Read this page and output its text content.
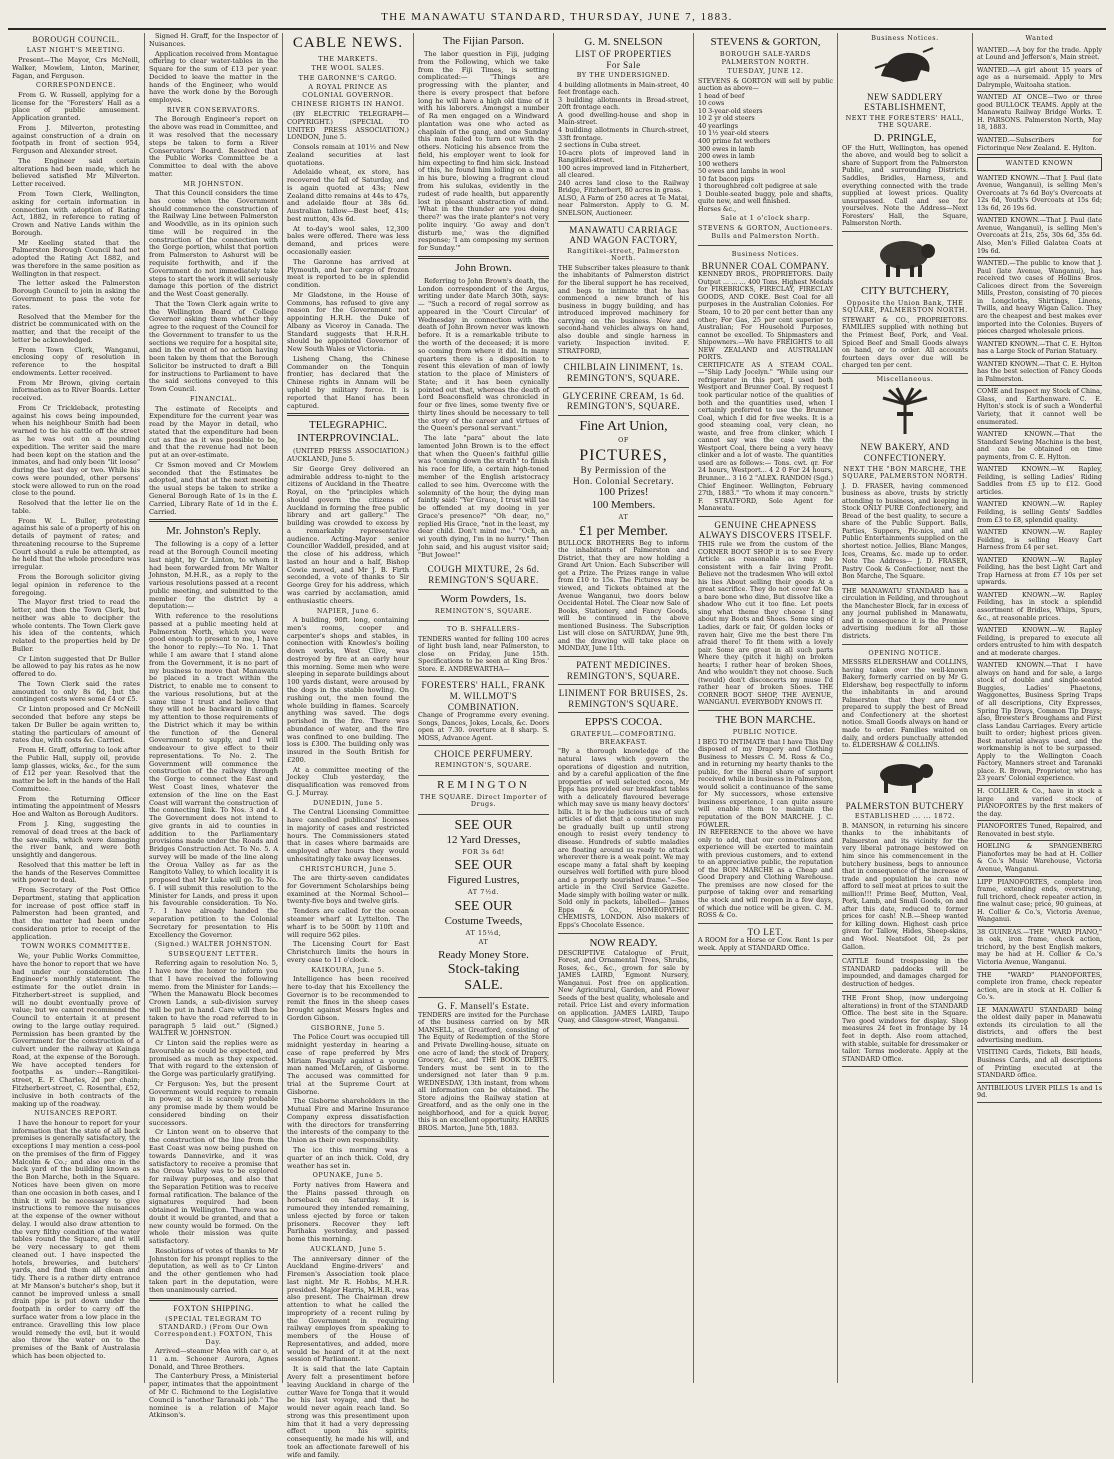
THE MANAWATU STANDARD, THURSDAY, JUNE 7, 1883.
BOROUGH COUNCIL.
LAST NIGHT'S MEETING.

Present—The Mayor, Crs McNeill, Walker, Mowlem, Linton, Mariner, Fagan, and Ferguson.

CORRESPONDENCE.

From G. W. Russell, applying for a license for the "Foresters' Hall as a place of public amusement. Application granted.

From J. Milverton, protesting against construction of a drain on footpath in front of section 954, Ferguson and Alexander street.

The Engineer said certain alterations had been made, which he believed satisfied Mr Milverton. Letter received.

From Town Clerk, Wellington, asking for certain information in connection with adoption of Rating Act, 1882, in reference to rating of Crown and Native Lands within the Borough.

Mr Keeling stated that the Palmerston Borough Council had not adopted the Rating Act 1882, and was therefore in the same position as Wellington in that respect.

The letter asked the Palmerston Borough Council to join in asking the Government to pass the vote for rates.

Resolved that the Member for the district be communicated with on the matter, and that the receipt of the letter be acknowledged.

From Town Clerk, Wanganui, enclosing copy of resolution in reference to the hospital endowments. Letter received.

From Mr Brown, giving certain information as to River Boards. Letter received.

From Cr Trickleback, protesting against his cows being impounded, when his neighbour Smith had been warned to tie his cattle off the street as he was out on a pounding expedition. The writer said the mare had been kept on the station and the inmates, and had only been "lit loose" during the last day or two. While his cows were pounded, other persons' stock were allowed to run on the road close to the pound.

Resolved that the letter lie on the table.

From W. L. Buller, protesting against his sale of a property of his on details of payment of rates; and threatening recourse to the Supreme Court should a rule be attempted, as he held that the whole procedure was irregular.

From the Borough solicitor giving legal opinion in reference to the foregoing.

The Mayor first tried to read the letter, and then the Town Clerk, but neither was able to decipher the whole contents. The Town Clerk gave his idea of the contents, which related to the properties held by Dr Buller.

Cr Linton suggested that Dr Buller be allowed to pay his rates as he now offered to do.

The Town Clerk said the rates amounted to only 8s 6d, but the contingent costs were some £4 or £5.

Cr Linton proposed and Cr McNeill seconded that before any steps be taken Dr Buller be again written to, stating the particulars of amount of rates due, with costs &c. Carried.

From H. Graff, offering to look after the Public Hall, supply oil, provide lamp glasses, wicks, &c., for the sum of £12 per year. Resolved that the matter be left in the hands of the Hall Committee.

From the Returning Officer intimating the appointment of Messrs Hoe and Walton as Borough Auditors.

From J. King, suggesting the removal of dead trees at the back of the saw-mills, which were damaging the river bank, and were both unsightly and dangerous.

Resolved that this matter be left in the hands of the Reserves Committee with power to deal.

From Secretary of the Post Office Department, stating that application for increase of post office staff in Palmerston had been granted, and that the matter had been under consideration prior to receipt of the application.

TOWN WORKS COMMITTEE.

We, your Public Works Committee, have the honor to report that we have had under our consideration the Engineer's monthly statement. The estimate for the outlet drain in Fitzherbert-street is supplied, and will no doubt eventually prove of value; but we cannot recommend the Council to entertain it at present owing to the large outlay required. Permission has been granted by the Government for the construction of a culvert under the railway at Kainga Road, at the expense of the Borough. We have accepted tenders for footpaths as under:—Rangitikei-street, E. F. Charles, 2d per chain; Fitzherbert-street, C. Rosenthal, £52, inclusive in both contracts of the making up of the roadway.

NUISANCES REPORT.

I have the honour to report for your information that the state of all back premises is generally satisfactory, the exceptions I may mention a cess-pool on the premises of the firm of Figgey Malcolm & Co.; and also one in the back yard of the building known as the Bon Marche, both in the Square. Notices have been given on more than one occasion in both cases, and I think it will be necessary to give instructions to remove the nuisances at the expense of the owner without delay. I would also draw attention to the very filthy condition of the water tables round the Square, and it will be very necessary to get them cleaned out. I have inspected the hotels, breweries, and butchers' yards, and find them all clean and tidy. There is a rather dirty entrance at Mr Manson's butcher's shop, but it cannot be improved unless a small drain pipe is put down under the footpath in order to carry off the surface water from a low place in the entrance. Gravelling this low place would remedy the evil, but it would also throw the water on to the premises of the Bank of Australasia which has been objected to.

Signed H. Graff, for the Inspector of Nuisances.

Application received from Montague offering to clear water-tables in the Square for the sum of £13 per year. Decided to leave the matter in the hands of the Engineer, who would have the work done by the Borough employes.

RIVER CONSERVATORS.

The Borough Engineer's report on the above was read in Committee, and it was resolved that the necessary steps be taken to form a River Conservators' Board. Resolved that the Public Works Committee be a Committee to deal with the above matter.

MR JOHNSTON.

That this Council considers the time has come when the Government should commence the construction of the Railway Line between Palmerston and Woodville, as in its opinion such time will be required in the construction of the connection with the Gorge portion, whilst that portion from Palmerston to Ashurst will be requisite forthwith, and if the Government do not immediately take steps to start the work it will seriously damage this portion of the district and the West Coast generally.

That the Town Clerk again write to the Wellington Board of College Governor asking them whether they agree to the request of the Council for the Government to transfer to us the sections we require for a hospital site, and in the event of no action having been taken by them that the Borough Solicitor be instructed to draft a Bill for instructions to Parliament to have the said sections conveyed to this Town Council.

FINANCIAL.

The estimate of Receipts and Expenditure for the current year was read by the Mayor in detail, who stated that the expenditure had been cut as fine as it was possible to be, and that the revenue had not been put at an over-estimate.

Cr Ssmon moved and Cr Mowlem seconded that the Estimates be adopted, and that at the next meeting the usual steps be taken to strike a General Borough Rate of 1s in the £. Carried, Library Rate of 1d in the £. Carried.

Mr. Johnston's Reply.

The following is a copy of a letter read at the Borough Council meeting last night, by Cr Linton, to whom it had been forwarded from Mr Walter Johnston, M.H.R., as a reply to the various resolutions passed at a recent public meeting, and submitted to the member for the district by a deputation:—

With reference to the resolutions passed at a public meeting held at Palmerston North, which you were good enough to present to me, I have the honor to reply:—To No. 1. That while I am aware that I stand alone from the Government, it is no part of my business to move that Manawatu be placed in a tract within the District, to enable me to consent to the various resolutions, but at the same time I trust and believe that they will not be backward in calling my attention to those requirements of the District which it may be within the function of the General Government to supply, and I will endeavour to give effect to their representations. To No. 2. The Government will commence the construction of the railway through the Gorge to connect the East and West Coast lines, whatever the extension of the line on the East Coast will warrant the construction of the connecting link. To Nos. 3 and 4. The Government does not intend to give grants in aid to counties in addition to the Parliamentary provisions made under the Roads and Bridges Construction Act. To No. 5. A survey will be made of the line along the Oroua Valley as far as the Rangitoto Valley, to which locality it is proposed that Mr Luke will go. To No. 6. I will submit this resolution to the Minister for Lands, and press it upon his favourable consideration. To No. 7. I have already handed the separation petition to the Colonial Secretary for presentation to His Excellency the Governor.

(Signed.) WALTER JOHNSTON.
SUBSEQUENT LETTER.

Referring again to resolution No. 5, I have now the honor to inform you that I have received the following memo. from the Minister for Lands:— "When the Manawatu Block becomes Crown Lands, a sub-division survey will be put in hand. Care will then be taken to have the road referred to in paragraph 5 laid out." (Signed.) WALTER W. JOHNSTON.

Cr Linton said the replies were as favourable as could be expected, and promised as much as they expected. That with regard to the extension of the Gorge was particularly gratifying.

Cr Ferguson: Yes, but the present Government would require to remain in power, as it is scarcely probable any promise made by them would be considered binding on their successors.

Cr Linton went on to observe that the construction of the line from the East Coast was now being pushed on towards Dannevirke, and it was satisfactory to receive a promise that the Oroua Valley was to be explored for railway purposes, and also that the Separation Petition was to receive formal ratification. The balance of the signatures required had been obtained in Wellington. There was no doubt it would be granted, and that a new county would be formed. On the whole their mission was quite satisfactory.

Resolutions of votes of thanks to Mr Johnston for his prompt replies to the deputation, as well as to Cr Linton and the other gentlemen who had taken part in the deputation, were then unanimously carried.

FOXTON SHIPPING.
(SPECIAL TELEGRAM TO STANDARD.) (From Our Own Correspondent.) FOXTON, This Day.

Arrived—steamer Mea with car o, at 11 a.m. Schooner Aurora, Agnes Donald, and Three Brothers.

The Canterbury Press, a Ministerial paper, intimates that the appointment of Mr C. Richmond to the Legislative Council is "another Taranaki job." The nominee is a relation of Major Atkinson's.

CABLE NEWS.
THE MARKETS.
THE WOOL SALES.
THE GARONNE'S CARGO.
A ROYAL PRINCE AS COLONIAL GOVERNOR.
CHINESE RIGHTS IN HANOI.

(BY ELECTRIC TELEGRAPH—COPYRIGHT.) (SPECIAL TO UNITED PRESS ASSOCIATION.) LONDON, June 5.

Consols remain at 101½ and New Zealand securities at last quotations.

Adelaide wheat, ex store, has recovered the fall of Saturday, and is again quoted at 43s; New Zealand ditto remains at 44s to 47s, and adelaide flour at 38s 6d. Australian tallow—Best beef, 41s; best mutton, 43s 6d.

At to-day's wool sales, 12,300 bales were offered. There was less demand, and prices were occasionally easier.

The Garonne has arrived at Plymouth, and her cargo of frozen meat is reported to be in splendid condition.

Mr Gladstone, in the House of Commons, has refused to give any reason for the Government not appointing H.R.H. the Duke of Albany as Viceroy in Canada. The Standard suggests that H.R.H. should be appointed Governor of New South Wales or Victoria.

Lisheng Chang, the Chinese Commander on the Tonquin frontier, has declared that the Chinese rights in Annam will be upheld by military force. It is reported that Hanoi has been captured.

TELEGRAPHIC. INTERPROVINCIAL.

(UNITED PRESS ASSOCIATION.) AUCKLAND, June 5.

Sir George Grey delivered an admirable address to-night to the citizens of Auckland in the Theatre Royal, on the "principles which should govern the citizens of Auckland in forming the free public library and art gallery." The building was crowded to excess by a remarkably representative audience. Acting-Mayor senior Councillor Waddell, presided, and at the close of his address, which lasted an hour and a half, Bishop Cowie moved, and Mr J. B. Firth seconded, a vote of thanks to Sir George Grey for his address, which was carried by acclamation, amid enthusiastic cheers.

NAPIER, June 6.

A building, 90ft. long, containing men's rooms, cooper and carpenter's shops and stables, in connection with Knowles's boiling down works, West Clive, was destroyed by fire at an early hour this morning. Some men who were sleeping in separate buildings about 100 yards distant, were aroused by the dogs in the stable howling. On rushing out, the men found the whole building in flames. Scarcely anything was saved. The dogs perished in the fire. There was abundance of water, and the fire was confined to one building. The loss is £300. The building only was insured in the South British for £200.

At a committee meeting of the Jockey Club yesterday, the disqualification was removed from G. J. Murray.

DUNEDIN, June 5.

The Central Licensing Committee have cancelled publicans' licenses in majority of cases and restricted hours. The Commissioners stated that in cases where barmaids are employed after hours they would unhesitatingly take away licenses.

CHRISTCHURCH, June 5.

The are thirty-seven candidates for Government Scholarships being examined at the Normal School—twenty-five boys and twelve girls.

Tenders are called for the ocean steamer wharf at Lyttelton. The wharf is to be 500ft by 110ft and will require 562 piles.

The Licensing Court for East Christchurch limits the hours in every case to 11 o'clock.

KAIKOURA, June 5.

Intelligence has been received here to-day that his Excellency the Governor is to be recommended to remit the fines in the sheep cases brought against Messrs Ingles and Gordon Gibson.

GISBORNE, June 5.

The Police Court was occupied till midnight yesterday in hearing a case of rape preferred by Mrs Miriam Pasqualy against a young man named McLaren, of Gisborne. The accused was committed for trial at the Supreme Court at Gisborne.

The Gisborne shareholders in the Mutual Fire and Marine Insurance Company express dissatisfaction with the directors for transferring the interests of the company to the Union as their own responsibility.

The ice this morning was a quarter of an inch thick. Cold, dry weather has set in.

OPUNAKE, June 5.

Forty natives from Hawera and the Plains passed through on horseback on Saturday. It is rumoured they intended remaining, unless ejected by force or taken prisoners. Recover they left Parihaka yesterday, and passed home this morning.

AUCKLAND, June 5.

The anniversary dinner of the Auckland Engine-drivers' and Firemen's Association took place last night. Mr R. Hobbs, M.H.R. presided. Major Harris, M.H.R., was also present. The Chairman drew attention to what he called the impropriety of a recent ruling by the Government in requiring railway employes from speaking to members of the House of Representatives, and added, more would be heard of it at the next session of Parliament.

It is said that the late Captain Avery felt a presentiment before leaving Auckland in charge of the cutter Wave for Tonga that it would be his last voyage, and that he would never again reach land. So strong was this presentiment upon him that it had a very depressing effect upon his spirits; consequently, he made his will, and took an affectionate farewell of his wife and family.

The Fijian Parson.

The labor question in Fiji, judging from the Following, which we take from the Fiji Times, is setting complicated:— "Things are progressing with the planter, and there is every prospect that before long he will have a high old time of it with his laborers. Amongst a number of Ra men engaged on a Windward plantation was one who acted as chaplain of the gang, and one Sunday this man failed to turn out with the others. Noticing his absence from the field, his employer went to look for him expecting to find him sick. Instead of this, he found him lolling on a mat in his bure, blowing a fragrant cloud from his sulukas, evidently in the rudest of rude health, but apparently lost in pleasant abstraction of mind. 'What in the thunder are you doing there?' was the irate planter's not very polite inquiry. 'Go away and don't disturb me,' was the dignified response; 'I am composing my sermon for Sunday.'"

John Brown.

Referring to John Brown's death, the London correspondent of the Argus, writing under date March 30th, says:— "Such a record of regal sorrow as appeared in the 'Court Circular' of Wednesday in connection with the death of John Brown never was known before. It is a remarkable tribute to the worth of the deceased; it is more so coming from where it did. In many quarters there is a disposition to resent this elevation of man of lowly station to the place of Ministers of State; and it has been cynically pointed out that, whereas the death of Lord Beaconsfield was chronicled in four or five lines, some twenty five or thirty lines should be necessary to tell the story of the career and virtues of the Queen's personal servant."

The late "para" about the late lamented John Brown is to the effect that when the Queen's faithful gillie was "coming down the strath" to finish his race for life, a certain high-toned member of the English aristocracy called to see him. Overcome with the solemnity of the hour, the dying man faintly said: "Yer Grace, I trust will tae be offended at my dooing in yer Grace's presence?" "Oh dear, no," replied His Grace, "not in the least, my dear child. Don't mind me." "Och, an wi youth dying, I'm in no hurry." Then John said, and his august visitor said; "But Jowee!"

COUGH MIXTURE, 2s 6d. REMINGTON'S SQUARE.
Worm Powders, 1s.
REMINGTON'S, SQUARE.
TO B. SHFALLERS-
TENDERS wanted for felling 100 acres of light bush land, near Palmerston, to close on Friday, June 15th. Specifications to be seen at King Bros.' Store. E. ANDREWARTHA—
FORESTERS' HALL, FRANK M. WILLMOT'S COMBINATION.
Change of Programme every evening. Songs, Dances, Jokes, Locals, &c. Doors open at 7.30. overture at 8 sharp. S. MOSS, Advance Agent.
CHOICE PERFUMERY.
REMINGTON'S, SQUARE.
REMINGTON
THE SQUARE. Direct Importer of Drugs.
SEE OUR
12 Yard Dresses,
FOR 3s 6d!
SEE OUR
Figured Lustres,
AT 7½d.
SEE OUR
Costume Tweeds,
AT 15½d,
AT
Ready Money Store.
Stock-taking
SALE.
G. F. Mansell's Estate.
TENDERS are invited for the Purchase of the business carried on by MR MANSELL, at Greatford, consisting of The Equity of Redemption of the Store and Private Dwelling-house, situate on one acre of land; the stock of Drapery, Grocery, &c., and THE BOOK DEBTS. Tenders must be sent in to the undersigned not later than 9 p.m. WEDNESDAY, 13th instant, from whom all information can be obtained. The Store adjoins the Railway station at Greatford, and as the only one in the neighborhood, and for a quick buyer, this is an excellent opportunity. HARRIS BROS. Marton, June 5th, 1883.
G. M. SNELSON
LIST OF PROPERTIES
For Sale
BY THE UNDERSIGNED.
4 building allotments in Main-street, 40 feet frontage each.
3 building allotments in Broad-street, 20ft frontage each.
A good dwelling-house and shop in Main-street.
4 building allotments in Church-street, 33ft frontage.
2 sections in Cuba street.
10-acre plots of improved land in Rangitikei-street.
100 acres improved land in Fitzherbert, all cleared.
240 acres land close to the Railway Bridge, Fitzherbert, 80 acres in grass.
ALSO, A Farm of 250 acres at Te Matai, near Palmerston. Apply to G. M. SNELSON, Auctioneer.
MANAWATU CARRIAGE AND WAGON FACTORY,
Rangitikei-street, Palmerston North.
THE Subscriber takes pleasure to thank the inhabitants of Palmerston district for the liberal support he has received, and begs to intimate that he has commenced a new branch of his business in buggy building, and has introduced improved machinery for carrying on the business. New and second-hand vehicles always on hand, also double and single harness in variety. Inspection invited. F. STRATFORD,
CHILBLAIN LINIMENT, 1s. REMINGTON'S, SQUARE.
GLYCERINE CREAM, 1s 6d. REMINGTON'S, SQUARE.
Fine Art Union,
OF
PICTURES,
By Permission of the
Hon. Colonial Secretary.
100 Prizes!
100 Members.
AT
£1 per Member.
BULLOCK BROTHERS Beg to inform the inhabitants of Palmerston and District, that they are now holding a Grand Art Union. Each Subscriber will get a Prize. The Prizes range in value from £10 to 15s. The Pictures may be viewed, and Tickets obtained at the Avenue Wanganui, two doors below Occidental Hotel. The Clear now Sale of Books, Stationery, and Fancy Goods, will be continued in the above mentioned Business. The Subscription List will close on SATURDAY, June 9th, and the drawing will take place on MONDAY, June 11th.
PATENT MEDICINES. REMINGTON'S, SQUARE.
LINIMENT FOR BRUISES, 2s. REMINGTON'S SQUARE.
EPPS'S COCOA.
GRATEFUL—COMFORTING. BREAKFAST.
"By a thorough knowledge of the natural laws which govern the operations of digestion and nutrition, and by a careful application of the fine properties of well selected cocoa, Mr Epps has provided our breakfast tables with a delicately flavoured beverage which may save us many heavy doctors' bills. It is by the judicious use of such articles of diet that a constitution may be gradually built up until strong enough to resist every tendency to disease. Hundreds of subtle maladies are floating around us ready to attack wherever there is a weak point. We may escape many a fatal shaft by keeping ourselves well fortified with pure blood and a properly nourished frame."—See article in the Civil Service Gazette. Made simply with boiling water or milk. Sold only in packets, labelled— James Epps & Co., HOMEOPATHIC CHEMISTS, LONDON. Also makers of Epps's Chocolate Essence.
NOW READY.
DESCRIPTIVE Catalogue of Fruit, Forest, and Ornamental Trees, Shrubs, Roses, &c., &c., grown for sale by JAMES LAIRD, Egmont Nursery, Wanganui. Post free on application. New Agricultural, Garden, and Flower Seeds of the best quality, wholesale and retail. Price List and every information on application. JAMES LAIRD, Taupo Quay, and Glasgow-street, Wanganui.
STEVENS & GORTON,
BOROUGH SALE-YARDS PALMERSTON NORTH.
TUESDAY, JUNE 12.
STEVENS & GORTON will sell by public auction as above—
1 head of beef
10 cows
10 3-year-old steers
10 2 yr old steers
40 yearlings
10 1½ year-old steers
400 prime fat wethers
300 ewes in lamb
200 ewes in lamb
100 wethers
50 ewes and lambs in wool
10 fat bacon pigs
1 thoroughbred colt pedigree at sale
1 Double-seated buggy, pole and shafts, quite new, and well finished.
Horses &c.,
Sale at 1 o'clock sharp.
STEVENS & GORTON, Auctioneers. Bulls and Palmerston North.
Business Notices.
BRUNNER COAL COMPANY.
KENNEDY BROS., PROPRIETORS. Daily Output ... ... ... 400 Tons. Highest Medals for FIREBRICKS, FIRECLAY, FIRECLAY GOODS, AND COKE. Best Coal for all purposes in the Australian Colonies. For Steam, 10 to 20 per cent better than any other; For Gas, 25 per cent superior to Australian; For Household Purposes, cannot be excelled. To Shipmasters and Shipowners.—We have FREIGHTS to all NEW ZEALAND and AUSTRALIAN PORTS.
CERTIFICATE AS A STEAM COAL.—"Ship Lady Jocelyn." "While using our refrigerator in this port, I used both Westport and Brunner Coal. By request I took particular notice of the qualities of both and the quantities used, when I certainly preferred to use the Brunner Coal, which I did for five weeks. It is a good steaming coal, very clean, no waste, and free from clinker, which I cannot say was the case with the Westport Coal, there being a very heavy clinker and a lot of waste. The quantities used are as follows:— Tons. cwt. qr. For 24 hours, Westport... 4 2 0 For 24 hours, Brunner... 3 16 2 "ALEX. RANDON (Sgd.) Chief Engineer. Wellington, February 27th, 1883." "To whom it may concern." F. STRATFORD, Sole Agent for Manawatu.
GENUINE CHEAPNESS ALWAYS DISCOVERS ITSELF.
THIS rule we from the custom of the CORNER BOOT SHOP it is to see Every Article as reasonable as may be consistent with a fair living Profit. Believe not the tradesmen Who will extol his lies About selling their goods At a great sacrifice. They do not cover fat On a bare bone who dine, But dissolve like a shadow Who cut it too fine. Let poets sing what theme they choose I sing about my Boots and Shoes. Some sing of Ladies, dark or fair, Of golden locks or raven hair, Give me the best there I'm afraid there! To fit them with a lovely pair. Some are great in all such parts Where they (pitch it high) on broken hearts; I rather hear of broken Shoes, And who wouldn't they not choose. Such (twould) don't disconcerts my muse I'd rather hear of broken Shoes. THE CORNER BOOT SHOP, THE AVENUE, WANGANUI. EVERYBODY KNOWS IT.
THE BON MARCHE.
PUBLIC NOTICE.
I BEG TO INTIMATE that I have This Day disposed of my Drapery and Clothing Business to Messrs C. M. Ross & Co., and in returning my hearty thanks to the public, for the liberal share of support received while in business in Palmerston, would solicit a continuance of the same for My successors, whose extensive business experience, I can quite assure will enable them to maintain the reputation of the BON MARCHE. J. C. FOWLER.
IN REFERENCE to the above we have only to add, that our connections and experience will be exerted to maintain with previous customers, and to extend to an appreciative public, the reputation of the BON MARCHE as a Cheap and Good Drapery and Clothing Warehouse. The premises are now closed for the purpose of taking over and remarking the stock and will reopen in a few days, of which due notice will be given. C. M. ROSS & Co.
TO LET.
A ROOM for a Horse or Cow. Rent 1s per week. Apply at STANDARD Office.
Business Notices.
NEW SADDLERY ESTABLISHMENT,
NEXT THE FORESTERS' HALL, THE SQUARE.
D. PRINGLE,
OF the Hutt, Wellington, has opened the above, and would beg to solicit a share of Support from the Palmerston Public, and surrounding Districts. Saddles, Bridles, Harness, and everything connected with the trade supplied at lowest prices. Quality unsurpassed. Call and see for yourselves. Note the Address—Next Foresters' Hall, the Square, Palmerston North.
CITY BUTCHERY,
Opposite the Union Bank, THE SQUARE, PALMERSTON NORTH.
STEWART & CO., PROPRIETORS. FAMILIES supplied with nothing but the Primest Beef, Pork, and Veal. Spiced Beef and Small Goods always on hand, or to order. All accounts fourteen days over due will be charged ten per cent.
Miscellaneous.
NEW BAKERY, AND CONFECTIONERY.
NEXT THE "BON MARCHE, THE SQUARE, PALMERSTON NORTH.
J. D. FRASER, having commenced business as above, trusts by strictly attending to business, and keeping in Stock ONLY PURE Confectionery, and Bread of the best quality, to secure a share of the Public Support. Balls, Parties, Suppers, Pic-nics, and all Public Entertainments supplied on the shortest notice. Jellies, Blanc Manges, Ices, Creams, &c. made up to order. Note The Address— J. D. FRASER, Pastry Cook & Confectioner, next the Bon Marche, The Square.
THE MANAWATU STANDARD has a circulation in Feilding, and throughout the Manchester Block, far in excess of any journal published in Manawatu, and in consequence it is the Premier advertising medium for all those districts.
OPENING NOTICE.
MESSRS ELDERSHAW and COLLINS, having taken over the well-known Bakery, formerly carried on by Mr G. Eldershaw, beg respectfully to inform the inhabitants in and around Palmerston that they are now prepared to supply the best of Bread and Confectionery at the shortest notice. Small Goods always on hand or made to order. Families waited on daily, and orders punctually attended to. ELDERSHAW & COLLINS.
PALMERSTON BUTCHERY
ESTABLISHED ... ... 1872.
B. MANSON, in returning his sincere thanks to the inhabitants of Palmerston and its vicinity for the very liberal patronage bestowed on him since his commencement in the butchery business, begs to announce that in consequence of the increase of trade and population he can now afford to sell meat at prices to suit the million!!! Prime Beef, Mutton, Veal, Pork, Lamb, and Small Goods, on and after this date, reduced to former prices for cash! N.B.—Sheep wanted for killing down. Highest cash price given for Tallow, Hides, Sheep-skins, and Wool. Neatsfoot Oil, 2s per Gallon.
CATTLE found trespassing in the STANDARD paddocks will be impounded, and damages charged for destruction of hedges.
THE Front Shop, (now undergoing alterations) in front of the STANDARD Office. The best site in the Square. Two good windows for display. Shop measures 24 feet in frontage by 14 feet in depth. Also room attached, with stable, suitable for dressmaker or tailor. Terms moderate. Apply at the STANDARD Office.
Wanted
WANTED.—A boy for the trade. Apply at Lound and Jefferson's, Main street.
WANTED.—A girl about 15 years of age as a nursemaid. Apply to Mrs Dalrymple, Waitoaha station.
WANTED AT ONCE—Two or three good BULLOCK TEAMS. Apply at the Manawatu Railway Bridge Works. T. H. PARSONS. Palmerston North, May 18, 1883.
WANTED.—Subscribers for Fictorinque New Zealand. E. Hylton.
WANTED KNOWN
WANTED KNOWN.—That J. Paul (late Avenue, Wanganui), is selling Men's Overcoats at 7s 6d Boy's Overcoats at 12s 6d, Youth's Overcoats at 15s 6d; 13s 6d, 26 19s 6d.
WANTED KNOWN.—That J. Paul (late Avenue, Wanganui), is selling Men's Overcoats at 21s, 25s, 30s 6d, 35s 6d. Also, Men's Filled Galatea Coats at 19s 6d.
WANTED.—The public to know that J. Paul (late Avenue, Wanganui), has received two cases of Hollins Bros. Calicoes direct from the Sovereign Mills, Preston, consisting of 70 pieces in Longcloths, Shirtings, Linens, Twills, and heavy Wigan Calico. They are the cheapest and best makes ever imported into the Colonies. Buyers of pieces charged wholesale prices.
WANTED KNOWN.—That C. E. Hylton has a Large Stock of Parian Statuary.
WANTED KNOWN.—That C. E. Hylton has the best selection of Fancy Goods in Palmerston.
COME and Inspect my Stock of China, Glass, and Earthenware. C. E. Hylton's stock is of such a Wonderful Variety, that it cannot well be enumerated.
WANTED KNOWN.—That the Standard Sewing Machine is the best, and can be obtained on time payments, from C. E. Hylton.
WANTED KNOWN.—W. Rapley, Feilding, is selling Ladies' Riding Saddles from £5 up to £12. Good articles.
WANTED KNOWN.—W. Rapley Feilding, is selling Gents' Saddles from £3 to £8, splendid quality.
WANTED KNOWN.—W. Rapley Feilding, is selling Heavy Cart Harness from £4 per set.
WANTED KNOWN.—W. Rapley Feilding, has the best Light Cart and Trap Harness at from £7 10s per set upwards.
WANTED KNOWN.—W. Rapley Feilding, has in stock a splendid assortment of Bridles, Whips, Spurs, &c., at reasonable prices.
WANTED KNOWN.—W. Rapley Feilding, is prepared to execute all orders entrusted to him with despatch and at moderate charges.
WANTED KNOWN.—That I have always on hand and for sale, a large stock of double and single-seated Buggies, Ladies' Phaetons, Waggonettes, Business Spring Traps of all descriptions, City Expresses, Spring Tip Drays, Common Tip Drays; also, Brewster's Broughams and First class Landau Carriages. Every article built to order; highest prices given. Best material always used, and the workmanship is not to be surpassed. Apply to the Wellington Coach Factory, Manners street and Taranaki place. R. Brown, Proprietor, who has 23 years' Colonial experience.
H. COLLIER & Co., have in stock a large and varied stock of PIANOFORTES by the first makers of the day.
PIANOFORTES Tuned, Repaired, and Renovated in best style.
HOELING & SPANGENBERG Pianofortes may be had at H. Collier & Co.'s Music Warehouse, Victoria Avenue, Wanganui.
LIPP PIANOFORTES, complete iron frame, extending ends, overstrung, full trichord, check repeater action, in fine walnut case; price, 90 guineas, at H. Collier & Co.'s, Victoria Avenue, Wanganui.
38 GUINEAS.—THE "WARD PIANO," in oak, iron frame, check action, trichord, by the best English makers, may be had at H. Collier & Co.'s Victoria Avenue, Wanganui.
THE "WARD" PIANOFORTES, complete iron frame, check repeater action, are in stock at H. Collier & Co.'s.
LE MANAWATU STANDARD being the oldest daily paper in Manawatu extends its circulation to all the districts, and offers the best advertising medium.
VISITING Cards, Tickets, Bill heads, Business Cards, and all descriptions of Printing executed at the STANDARD office.
ANTIBILIOUS LIVER PILLS 1s and 1s 9d.
